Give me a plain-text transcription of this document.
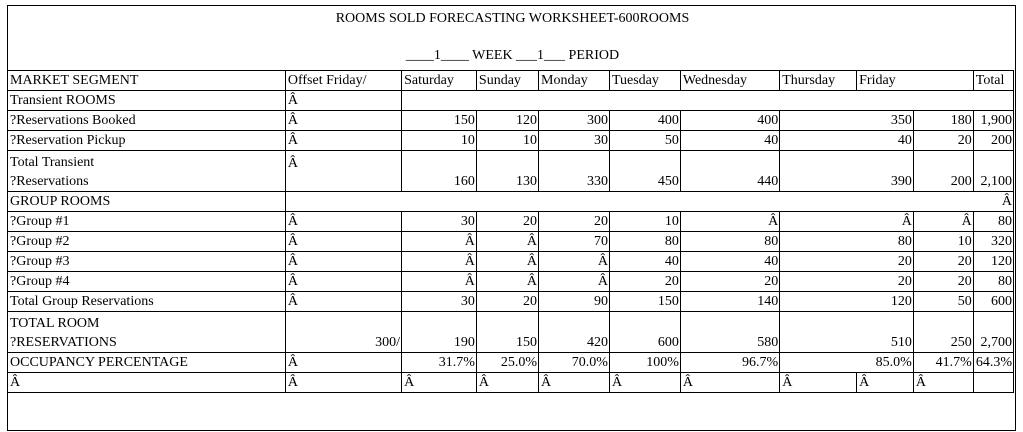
ROOMS SOLD FORECASTING WORKSHEET-600ROOMS
____1____ WEEK ___1___ PERIOD
MARKET SEGMENT	Offset Friday/	Saturday	Sunday	Monday	Tuesday	Wednesday	Thursday	Friday		Total
Transient ROOMS	Â									
?Reservations Booked	Â	150	120	300	400	400	350		180	1,900
?Reservation Pickup	Â	10	10	30	50	40	40		20	200

Total Transient
?Reservations	Â	160	130	330	450	440	390		200	2,100
GROUP ROOMS	Â									
?Group #1	Â	30	20	20	10	Â	Â		Â	80
?Group #2	Â	Â	Â	70	80	80	80		10	320
?Group #3	Â	Â	Â	Â	40	40	20		20	120
?Group #4	Â	Â	Â	Â	20	20	20		20	80
Total Group Reservations	Â	30	20	90	150	140	120		50	600

TOTAL ROOM
?RESERVATIONS	300/	190	150	420	600	580	510		250	2,700
OCCUPANCY PERCENTAGE	Â	31.7%	25.0%	70.0%	100%	96.7%	85.0%		41.7%	64.3%
Â	Â	Â	Â	Â	Â	Â	Â	Â	Â	
